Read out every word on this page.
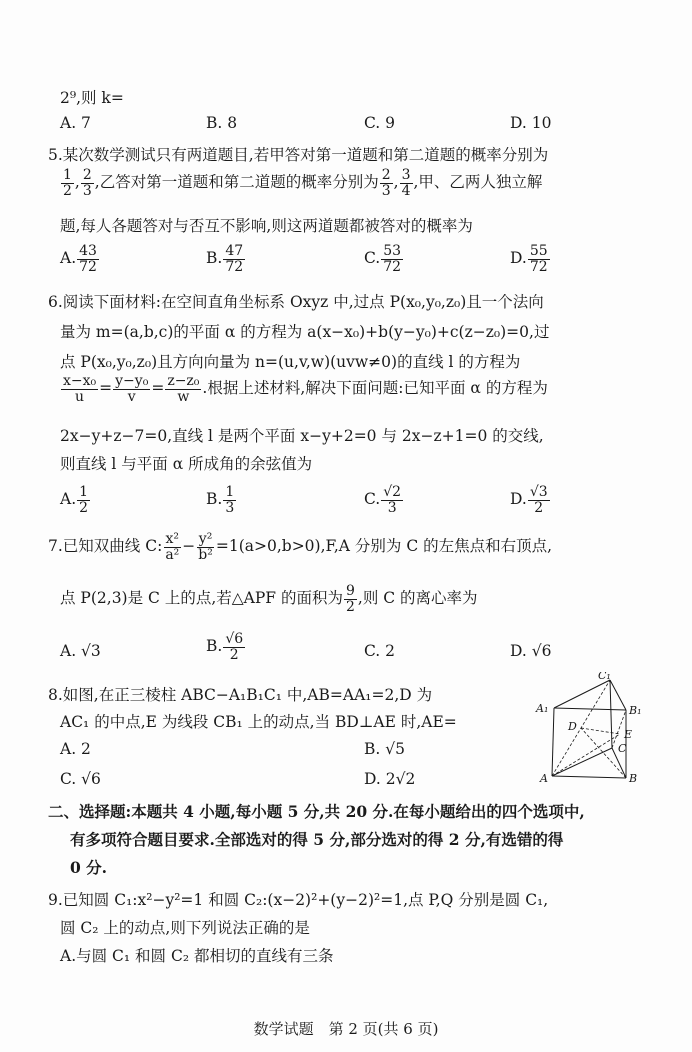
2⁹,则 k=
A. 7	B. 8	C. 9	D. 10
5.某次数学测试只有两道题目,若甲答对第一道题和第二道题的概率分别为
$\frac{1}{2}$ , $\frac{2}{3}$ ,乙答对第一道题和第二道题的概率分别为 $\frac{2}{3}$ , $\frac{3}{4}$ ,甲、乙两人独立解
题,每人各题答对与否互不影响,则这两道题都被答对的概率为
A. $\frac{43}{72}$	B. $\frac{47}{72}$	C. $\frac{53}{72}$	D. $\frac{55}{72}$
6.阅读下面材料:在空间直角坐标系 Oxyz 中,过点 P(x₀,y₀,z₀)且一个法向
量为 m=(a,b,c)的平面 α 的方程为 a(x−x₀)+b(y−y₀)+c(z−z₀)=0,过
点 P(x₀,y₀,z₀)且方向向量为 n=(u,v,w)(uvw≠0)的直线 l 的方程为
$\frac{\text{x−x₀}}{u} = \frac{\text{y−y₀}}{v} = \frac{\text{z−z₀}}{w}$ .根据上述材料,解决下面问题:已知平面 α 的方程为
2x−y+z−7=0,直线 l 是两个平面 x−y+2=0 与 2x−z+1=0 的交线,
则直线 l 与平面 α 所成角的余弦值为
A. $\frac{1}{2}$	B. $\frac{1}{3}$	C. $\frac{√2}{3}$	D. $\frac{√3}{2}$
7.已知双曲线 C: $\frac{\text{x²}}{\text{a²}} - \frac{\text{y²}}{\text{b²}} =1(a>0,b>0),F,A$ 分别为 C 的左焦点和右顶点,
点 P(2,3)是 C 上的点,若△APF 的面积为 $\frac{9}{2}$ ,则 C 的离心率为
A. √3	B. $\frac{√6}{2}$	C. 2	D. √6
8.如图,在正三棱柱 ABC−A₁B₁C₁ 中,AB=AA₁=2,D 为
AC₁ 的中点,E 为线段 CB₁ 上的动点,当 BD⊥AE 时,AE=
A. 2	B. √5
C. √6	D. 2√2
C₁
A₁	B₁
D
E
C
A	B
二、选择题:本题共 4 小题,每小题 5 分,共 20 分.在每小题给出的四个选项中,
有多项符合题目要求.全部选对的得 5 分,部分选对的得 2 分,有选错的得
0 分.
9.已知圆 C₁:x²−y²=1 和圆 C₂:(x−2)²+(y−2)²=1,点 P,Q 分别是圆 C₁,
圆 C₂ 上的动点,则下列说法正确的是
A.与圆 C₁ 和圆 C₂ 都相切的直线有三条
数学试题　第 2 页(共 6 页)
